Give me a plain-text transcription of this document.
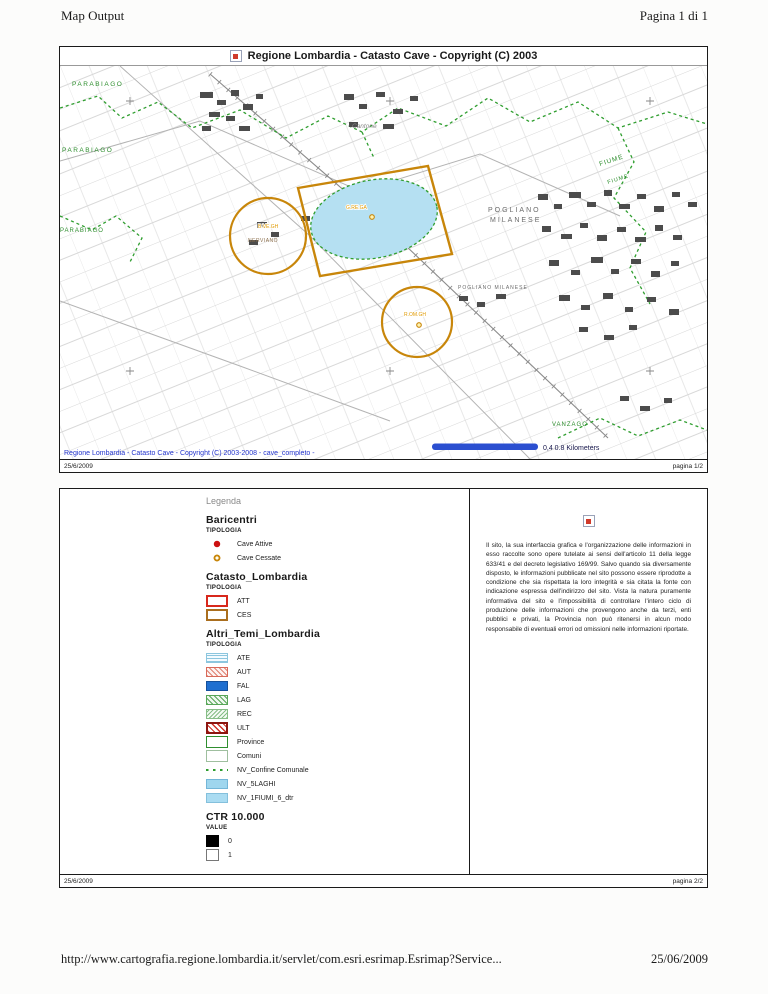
Map Output	Pagina 1 di 1
Regione Lombardia - Catasto Cave - Copyright (C) 2003
PARABIAGO
PARABIAGO
PARABIAGO
Cantone
FIUME
FIUME
POGLIANO
MILANESE
POGLIANO MILANESE
NERVIANO
VANZAGO
G.RE.GA
B.VE.GH
R.OM.GH
Regione Lombardia - Catasto Cave - Copyright (C) 2003-2008 - cave_completo -
0,4 0.8 Kilometers
25/6/2009	pagina 1/2
Legenda
Baricentri
TIPOLOGIA
Cave Attive
Cave Cessate
Catasto_Lombardia
TIPOLOGIA
ATT
CES
Altri_Temi_Lombardia
TIPOLOGIA
ATE
AUT
FAL
LAG
REC
ULT
Province
Comuni
NV_Confine Comunale
NV_5LAGHI
NV_1FIUMI_6_dtr
CTR 10.000
VALUE
0
1
Il sito, la sua interfaccia grafica e l'organizzazione delle informazioni in esso raccolte sono opere tutelate ai sensi dell'articolo 11 della legge 633/41 e del decreto legislativo 169/99. Salvo quando sia diversamente disposto, le informazioni pubblicate nel sito possono essere riprodotte a condizione che sia rispettata la loro integrità e sia citata la fonte con indicazione espressa dell'indirizzo del sito. Vista la natura puramente informativa del sito e l'impossibilità di controllare l'intero ciclo di produzione delle informazioni che provengono anche da terzi, enti pubblici e privati, la Provincia non può ritenersi in alcun modo responsabile di eventuali errori od omissioni nelle informazioni riportate.
25/6/2009	pagina 2/2
http://www.cartografia.regione.lombardia.it/servlet/com.esri.esrimap.Esrimap?Service...	25/06/2009
